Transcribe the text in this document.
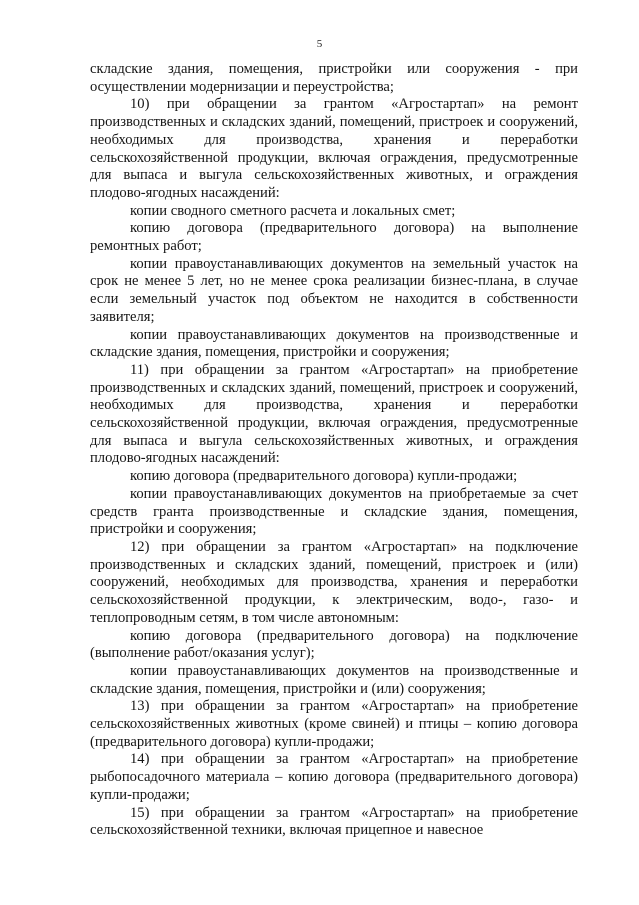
5

складские здания, помещения, пристройки или сооружения - при осуществлении модернизации и переустройства;

10) при обращении за грантом «Агростартап» на ремонт производственных и складских зданий, помещений, пристроек и сооружений, необходимых для производства, хранения и переработки сельскохозяйственной продукции, включая ограждения, предусмотренные для выпаса и выгула сельскохозяйственных животных, и ограждения плодово-ягодных насаждений:

копии сводного сметного расчета и локальных смет;

копию договора (предварительного договора) на выполнение ремонтных работ;

копии правоустанавливающих документов на земельный участок на срок не менее 5 лет, но не менее срока реализации бизнес-плана, в случае если земельный участок под объектом не находится в собственности заявителя;

копии правоустанавливающих документов на производственные и складские здания, помещения, пристройки и сооружения;

11) при обращении за грантом «Агростартап» на приобретение производственных и складских зданий, помещений, пристроек и сооружений, необходимых для производства, хранения и переработки сельскохозяйственной продукции, включая ограждения, предусмотренные для выпаса и выгула сельскохозяйственных животных, и ограждения плодово-ягодных насаждений:

копию договора (предварительного договора) купли-продажи;

копии правоустанавливающих документов на приобретаемые за счет средств гранта производственные и складские здания, помещения, пристройки и сооружения;

12) при обращении за грантом «Агростартап» на подключение производственных и складских зданий, помещений, пристроек и (или) сооружений, необходимых для производства, хранения и переработки сельскохозяйственной продукции, к электрическим, водо-, газо- и теплопроводным сетям, в том числе автономным:

копию договора (предварительного договора) на подключение (выполнение работ/оказания услуг);

копии правоустанавливающих документов на производственные и складские здания, помещения, пристройки и (или) сооружения;

13) при обращении за грантом «Агростартап» на приобретение сельскохозяйственных животных (кроме свиней) и птицы – копию договора (предварительного договора) купли-продажи;

14) при обращении за грантом «Агростартап» на приобретение рыбопосадочного материала – копию договора (предварительного договора) купли-продажи;

15) при обращении за грантом «Агростартап» на приобретение сельскохозяйственной техники, включая прицепное и навесное
